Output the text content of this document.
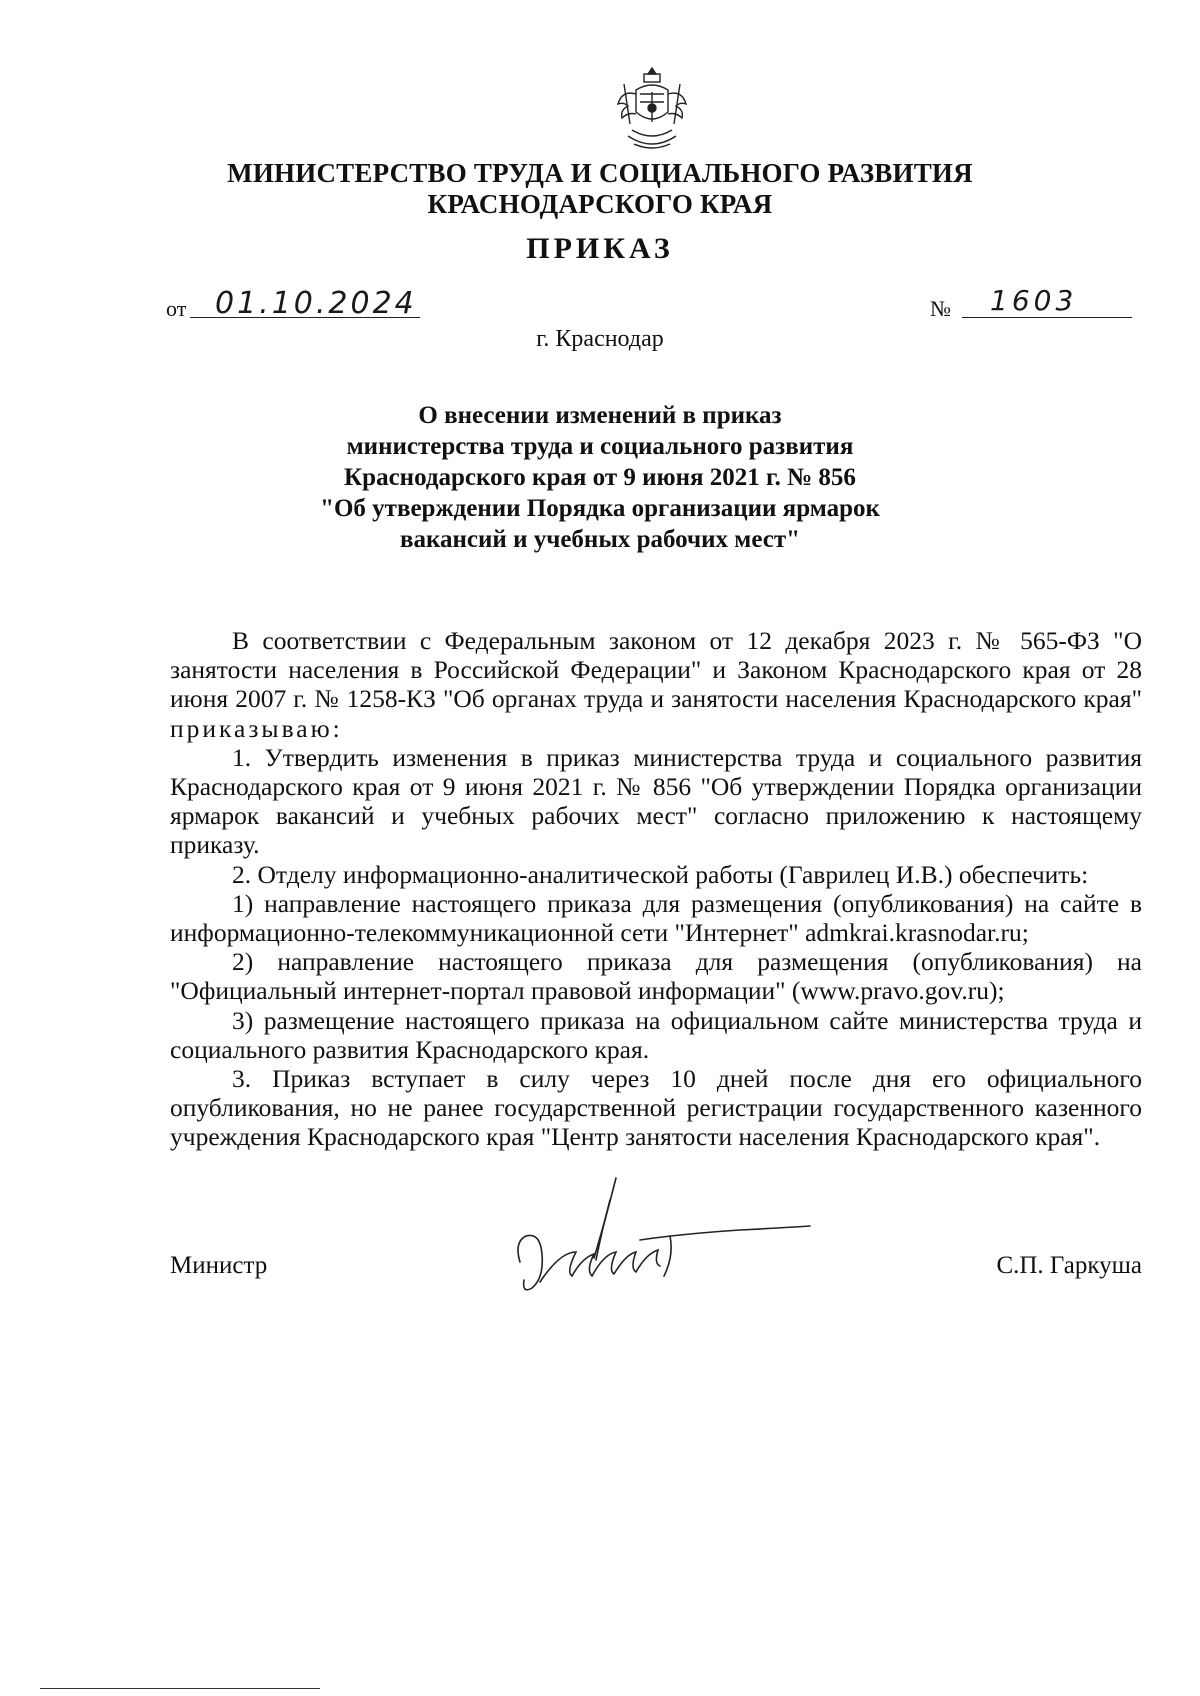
МИНИСТЕРСТВО ТРУДА И СОЦИАЛЬНОГО РАЗВИТИЯ
КРАСНОДАРСКОГО КРАЯ
ПРИКАЗ
от 01.10.2024	№ 1603
г. Краснодар
О внесении изменений в приказ
министерства труда и социального развития
Краснодарского края от 9 июня 2021 г. № 856
"Об утверждении Порядка организации ярмарок
вакансий и учебных рабочих мест"

В соответствии с Федеральным законом от 12 декабря 2023 г. № 565-ФЗ "О занятости населения в Российской Федерации" и Законом Краснодарского края от 28 июня 2007 г. № 1258-КЗ "Об органах труда и занятости населения Краснодарского края" приказываю:

1. Утвердить изменения в приказ министерства труда и социального развития Краснодарского края от 9 июня 2021 г. № 856 "Об утверждении Порядка организации ярмарок вакансий и учебных рабочих мест" согласно приложению к настоящему приказу.

2. Отделу информационно-аналитической работы (Гаврилец И.В.) обеспечить:

1) направление настоящего приказа для размещения (опубликования) на сайте в информационно-телекоммуникационной сети "Интернет" admkrai.krasnodar.ru;

2) направление настоящего приказа для размещения (опубликования) на "Официальный интернет-портал правовой информации" (www.pravo.gov.ru);

3) размещение настоящего приказа на официальном сайте министерства труда и социального развития Краснодарского края.

3. Приказ вступает в силу через 10 дней после дня его официального опубликования, но не ранее государственной регистрации государственного казенного учреждения Краснодарского края "Центр занятости населения Краснодарского края".

Министр	С.П. Гаркуша
